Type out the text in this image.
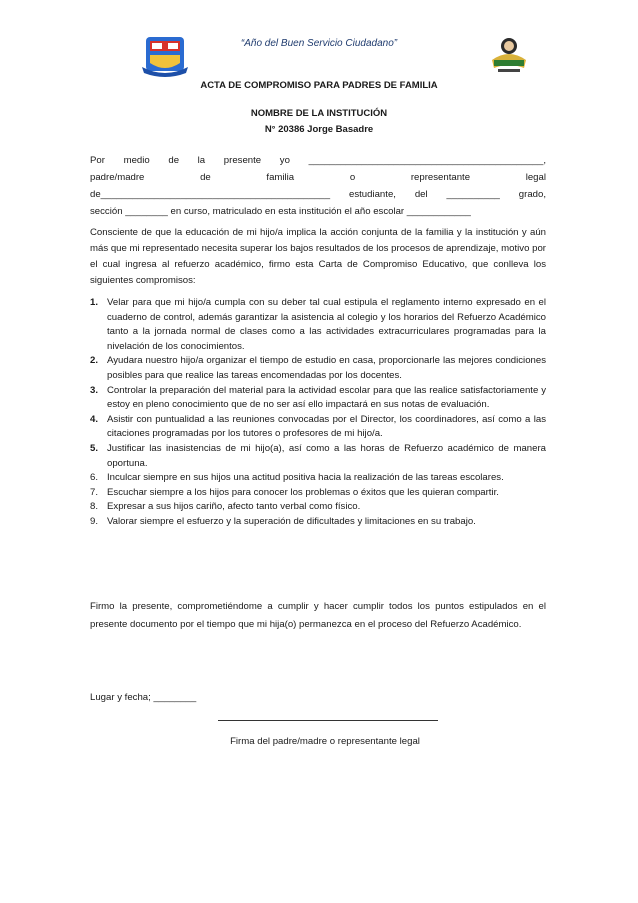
“Año del Buen Servicio Ciudadano”
ACTA DE COMPROMISO PARA PADRES DE FAMILIA
NOMBRE DE LA INSTITUCIÓN
N° 20386 Jorge Basadre
Por medio de la presente yo ____________________________________________,
padre/madre de familia o representante legal
de___________________________________________ estudiante, del __________ grado,
sección ________ en curso, matriculado en esta institución el año escolar ____________
Consciente de que la educación de mi hijo/a implica la acción conjunta de la familia y la institución y aún más que mi representado necesita superar los bajos resultados de los procesos de aprendizaje, motivo por el cual ingresa al refuerzo académico, firmo esta Carta de Compromiso Educativo, que conlleva los siguientes compromisos:
1. Velar para que mi hijo/a cumpla con su deber tal cual estipula el reglamento interno expresado en el cuaderno de control, además garantizar la asistencia al colegio y los horarios del Refuerzo Académico tanto a la jornada normal de clases como a las actividades extracurriculares programadas para la nivelación de los conocimientos.
2. Ayudara nuestro hijo/a organizar el tiempo de estudio en casa, proporcionarle las mejores condiciones posibles para que realice las tareas encomendadas por los docentes.
3. Controlar la preparación del material para la actividad escolar para que las realice satisfactoriamente y estoy en pleno conocimiento que de no ser así ello impactará en sus notas de evaluación.
4. Asistir con puntualidad a las reuniones convocadas por el Director, los coordinadores, así como a las citaciones programadas por los tutores o profesores de mi hijo/a.
5. Justificar las inasistencias de mi hijo(a), así como a las horas de Refuerzo académico de manera oportuna.
6. Inculcar siempre en sus hijos una actitud positiva hacia la realización de las tareas escolares.
7. Escuchar siempre a los hijos para conocer los problemas o éxitos que les quieran compartir.
8. Expresar a sus hijos cariño, afecto tanto verbal como físico.
9. Valorar siempre el esfuerzo y la superación de dificultades y limitaciones en su trabajo.
Firmo la presente, comprometiéndome a cumplir y hacer cumplir todos los puntos estipulados en el presente documento por el tiempo que mi hija(o) permanezca en el proceso del Refuerzo Académico.
Lugar y fecha; ________
Firma del padre/madre o representante legal
